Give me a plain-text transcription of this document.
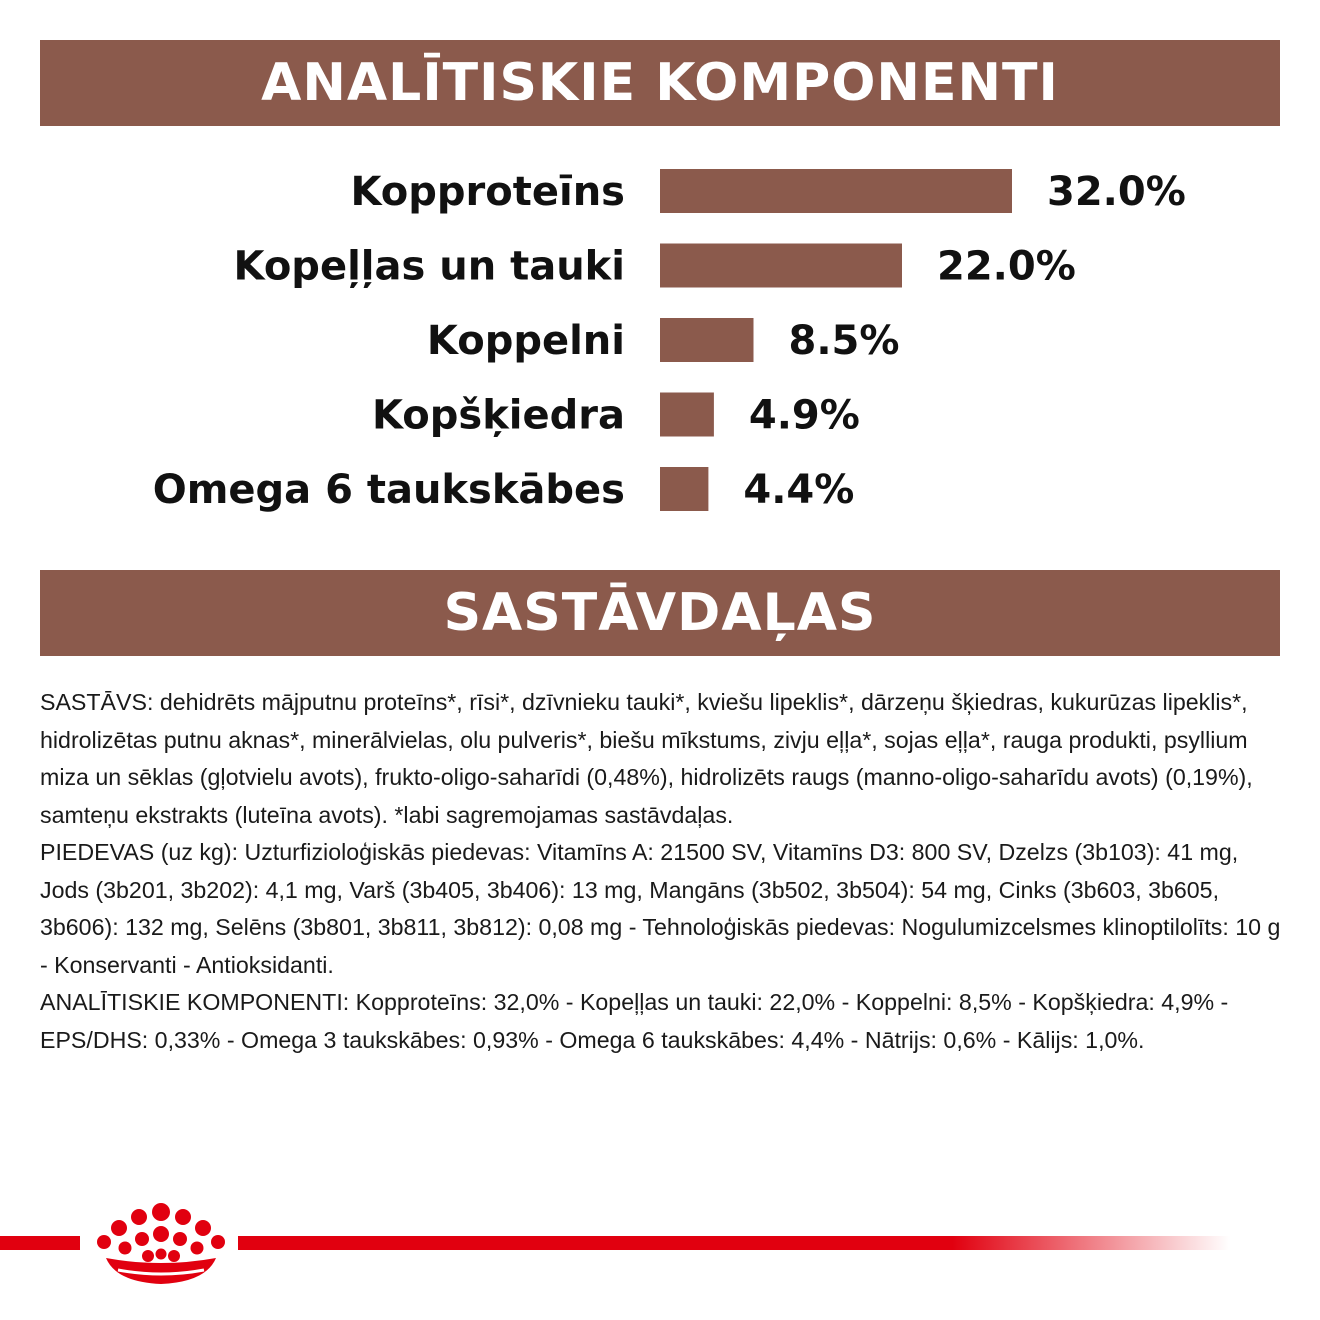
ANALĪTISKIE KOMPONENTI
Kopproteīns	32.0%
Kopeļļas un tauki	22.0%
Koppelni	8.5%
Kopšķiedra	4.9%
Omega 6 taukskābes	4.4%
SASTĀVDAĻAS

SASTĀVS: dehidrēts mājputnu proteīns*, rīsi*, dzīvnieku tauki*, kviešu lipeklis*, dārzeņu šķiedras, kukurūzas lipeklis*, hidrolizētas putnu aknas*, minerālvielas, olu pulveris*, biešu mīkstums, zivju eļļa*, sojas eļļa*, rauga produkti, psyllium miza un sēklas (gļotvielu avots), frukto-oligo-saharīdi (0,48%), hidrolizēts raugs (manno-oligo-saharīdu avots) (0,19%), samteņu ekstrakts (luteīna avots). *labi sagremojamas sastāvdaļas.

PIEDEVAS (uz kg): Uzturfizioloģiskās piedevas: Vitamīns A: 21500 SV, Vitamīns D3: 800 SV, Dzelzs (3b103): 41 mg, Jods (3b201, 3b202): 4,1 mg, Varš (3b405, 3b406): 13 mg, Mangāns (3b502, 3b504): 54 mg, Cinks (3b603, 3b605, 3b606): 132 mg, Selēns (3b801, 3b811, 3b812): 0,08 mg - Tehnoloģiskās piedevas: Nogulumizcelsmes klinoptilolīts: 10 g - Konservanti - Antioksidanti.

ANALĪTISKIE KOMPONENTI: Kopproteīns: 32,0% - Kopeļļas un tauki: 22,0% - Koppelni: 8,5% - Kopšķiedra: 4,9% - EPS/DHS: 0,33% - Omega 3 taukskābes: 0,93% - Omega 6 taukskābes: 4,4% - Nātrijs: 0,6% - Kālijs: 1,0%.
